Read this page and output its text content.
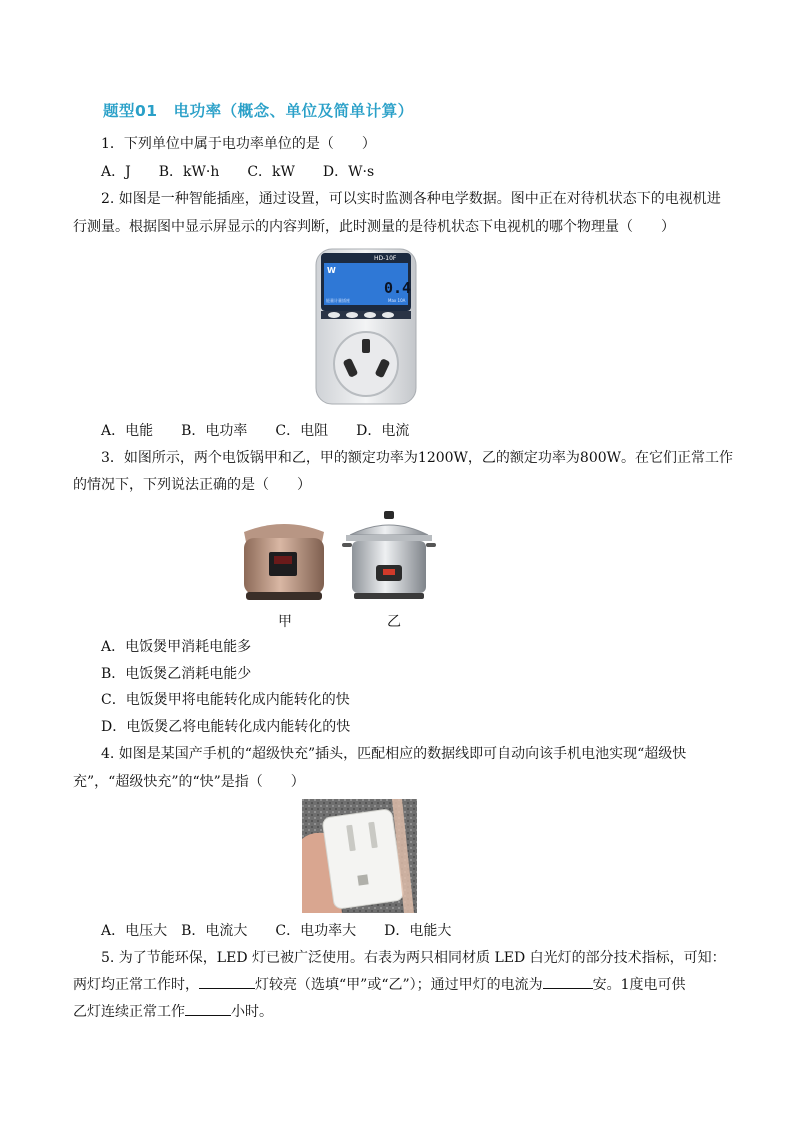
题型01　电功率（概念、单位及简单计算）
1．下列单位中属于电功率单位的是（　　）
A．J　　B．kW·h　　C．kW　　D．W·s
2. 如图是一种智能插座，通过设置，可以实时监测各种电学数据。图中正在对待机状态下的电视机进
行测量。根据图中显示屏显示的内容判断，此时测量的是待机状态下电视机的哪个物理量（　　）
HD-10F
W
0.4
能量计量插座	Max 10A
A．电能　　B．电功率　　C．电阻　　D．电流
3．如图所示，两个电饭锅甲和乙，甲的额定功率为1200W，乙的额定功率为800W。在它们正常工作
的情况下，下列说法正确的是（　　）
甲	乙
A．电饭煲甲消耗电能多
B．电饭煲乙消耗电能少
C．电饭煲甲将电能转化成内能转化的快
D．电饭煲乙将电能转化成内能转化的快
4. 如图是某国产手机的“超级快充”插头，匹配相应的数据线即可自动向该手机电池实现“超级快
充”，“超级快充”的“快”是指（　　）
A．电压大　B．电流大　　C．电功率大　　D．电能大
5. 为了节能环保，LED 灯已被广泛使用。右表为两只相同材质 LED 白光灯的部分技术指标，可知：
两灯均正常工作时，	灯较亮（选填“甲”或“乙”）；通过甲灯的电流为	安。1度电可供
乙灯连续正常工作	小时。
